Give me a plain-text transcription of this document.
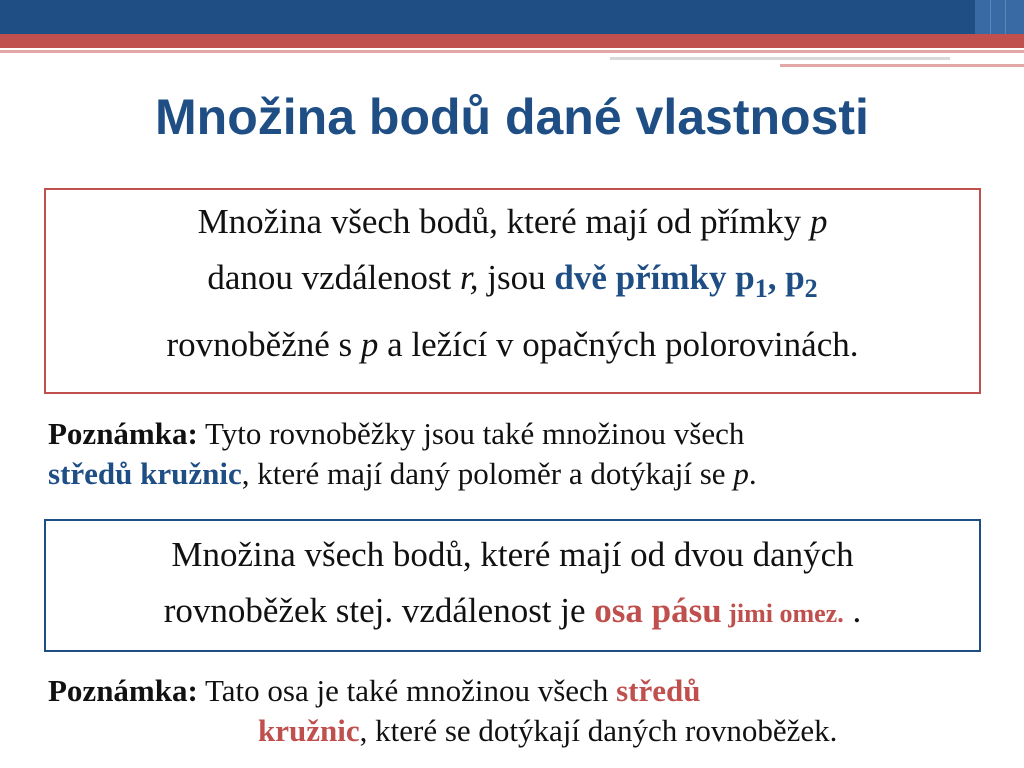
Množina bodů dané vlastnosti
Množina všech bodů, které mají od přímky p
danou vzdálenost r, jsou dvě přímky $p_1$, $p_2$
rovnoběžné s p a ležící v opačných polorovinách.
Poznámka: Tyto rovnoběžky jsou také množinou všech
středů kružnic, které mají daný poloměr a dotýkají se p.
Množina všech bodů, které mají od dvou daných
rovnoběžek stej. vzdálenost je osa pásu jimi omez. .
Poznámka: Tato osa je také množinou všech středů
kružnic, které se dotýkají daných rovnoběžek.
